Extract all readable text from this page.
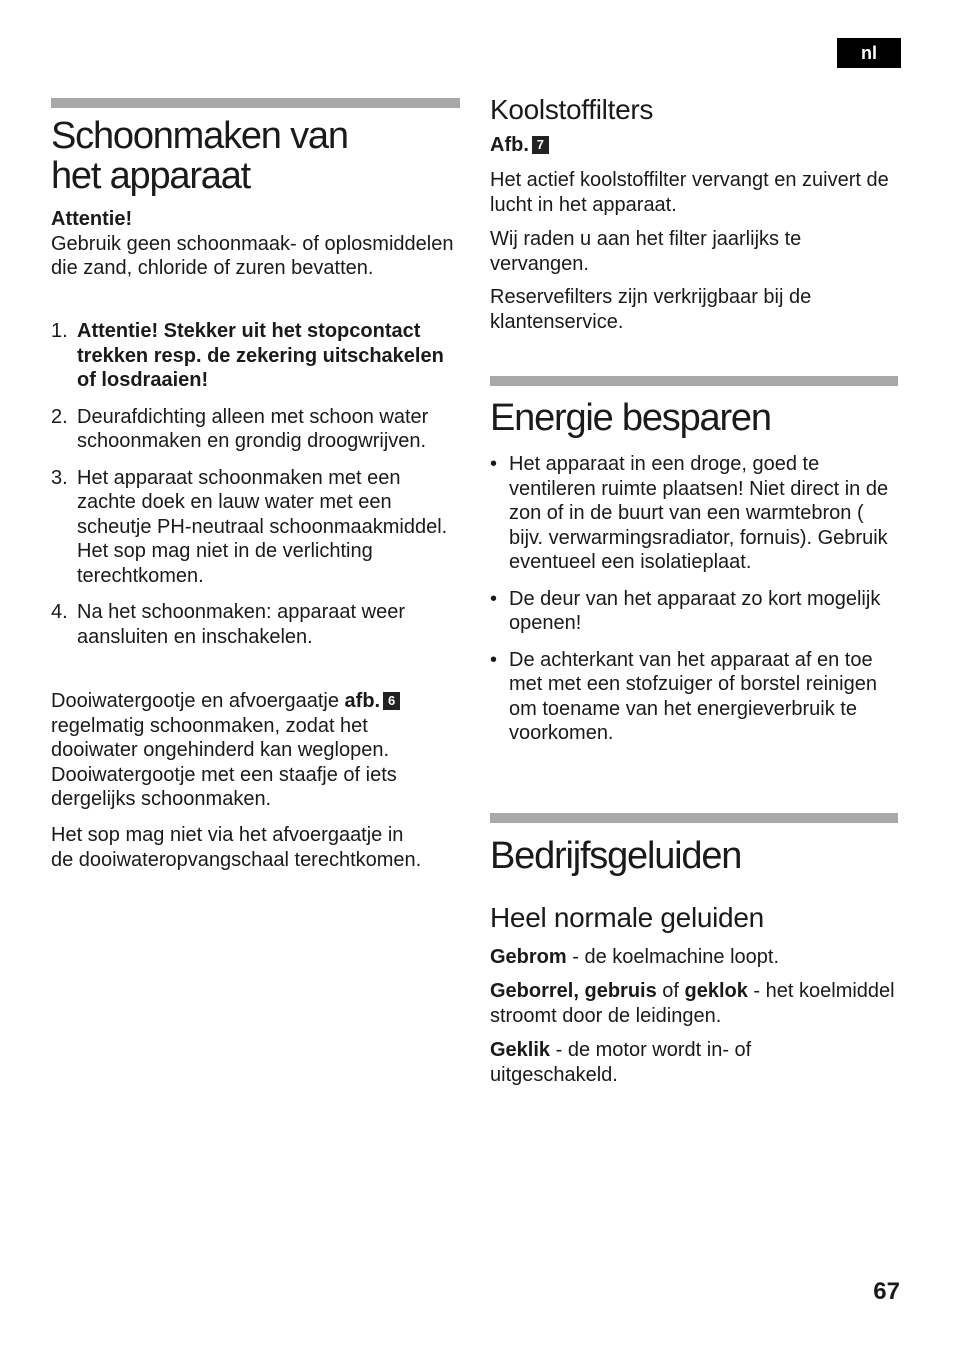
nl
Schoonmaken van
het apparaat

Attentie!

Gebruik geen schoonmaak- of oplosmiddelen die zand, chloride of zuren bevatten.

1. Attentie! Stekker uit het stopcontact trekken resp. de zekering uitschakelen of losdraaien!
2. Deurafdichting alleen met schoon water schoonmaken en grondig droogwrijven.
3. Het apparaat schoonmaken met een zachte doek en lauw water met een scheutje PH-neutraal schoonmaakmiddel. Het sop mag niet in de verlichting terechtkomen.
4. Na het schoonmaken: apparaat weer aansluiten en inschakelen.

Dooiwatergootje en afvoergaatje afb. 6 regelmatig schoonmaken, zodat het dooiwater ongehinderd kan weglopen. Dooiwatergootje met een staafje of iets dergelijks schoonmaken.

Het sop mag niet via het afvoergaatje in de dooiwateropvangschaal terechtkomen.

Koolstoffilters

Afb. 7

Het actief koolstoffilter vervangt en zuivert de lucht in het apparaat.

Wij raden u aan het filter jaarlijks te vervangen.

Reservefilters zijn verkrijgbaar bij de klantenservice.

Energie besparen
• Het apparaat in een droge, goed te ventileren ruimte plaatsen! Niet direct in de zon of in de buurt van een warmtebron ( bijv. verwarmingsradiator, fornuis). Gebruik eventueel een isolatieplaat.
• De deur van het apparaat zo kort mogelijk openen!
• De achterkant van het apparaat af en toe met met een stofzuiger of borstel reinigen om toename van het energieverbruik te voorkomen.
Bedrijfsgeluiden
Heel normale geluiden

Gebrom - de koelmachine loopt.

Geborrel, gebruis of geklok - het koelmiddel stroomt door de leidingen.

Geklik - de motor wordt in- of uitgeschakeld.

67
